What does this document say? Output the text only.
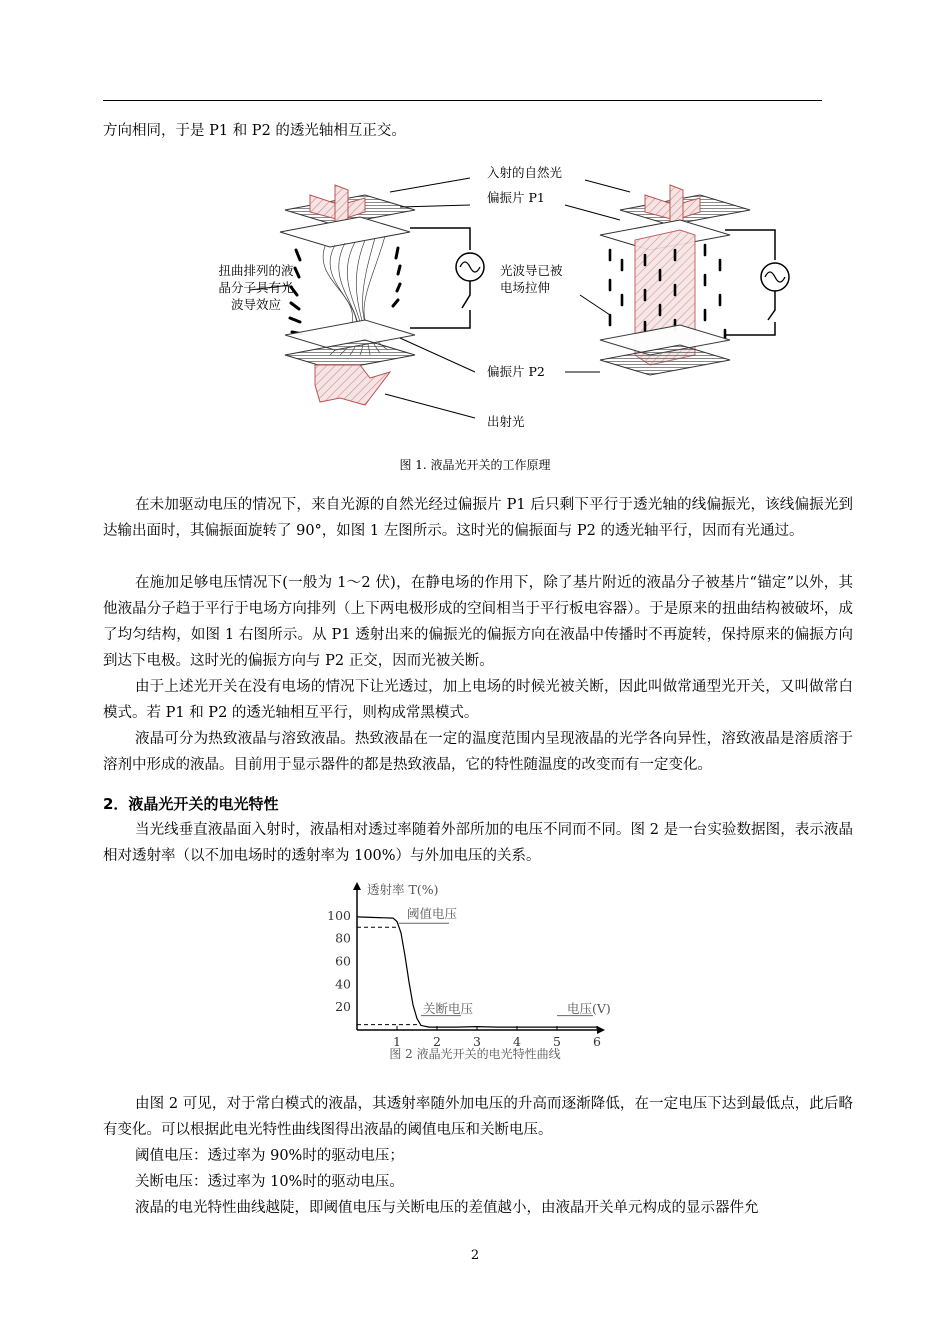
方向相同，于是 P1 和 P2 的透光轴相互正交。

入射的自然光
偏振片 P1
扭曲排列的液
晶分子具有光
波导效应
光波导已被
电场拉伸
偏振片 P2
出射光
图 1. 液晶光开关的工作原理

在未加驱动电压的情况下，来自光源的自然光经过偏振片 P1 后只剩下平行于透光轴的线偏振光，该线偏振光到达输出面时，其偏振面旋转了 90°，如图 1 左图所示。这时光的偏振面与 P2 的透光轴平行，因而有光通过。

在施加足够电压情况下(一般为 1～2 伏)，在静电场的作用下，除了基片附近的液晶分子被基片“锚定”以外，其他液晶分子趋于平行于电场方向排列（上下两电极形成的空间相当于平行板电容器）。于是原来的扭曲结构被破坏，成了均匀结构，如图 1 右图所示。从 P1 透射出来的偏振光的偏振方向在液晶中传播时不再旋转，保持原来的偏振方向到达下电极。这时光的偏振方向与 P2 正交，因而光被关断。

由于上述光开关在没有电场的情况下让光透过，加上电场的时候光被关断，因此叫做常通型光开关，又叫做常白模式。若 P1 和 P2 的透光轴相互平行，则构成常黑模式。

液晶可分为热致液晶与溶致液晶。热致液晶在一定的温度范围内呈现液晶的光学各向异性，溶致液晶是溶质溶于溶剂中形成的液晶。目前用于显示器件的都是热致液晶，它的特性随温度的改变而有一定变化。

2．液晶光开关的电光特性

当光线垂直液晶面入射时，液晶相对透过率随着外部所加的电压不同而不同。图 2 是一台实验数据图，表示液晶相对透射率（以不加电场时的透射率为 100%）与外加电压的关系。

透射率 T(%)
电压(V)
阈值电压
关断电压
1	2	3	4	5	6
100
80
60
40
20
图 2 液晶光开关的电光特性曲线

由图 2 可见，对于常白模式的液晶，其透射率随外加电压的升高而逐渐降低，在一定电压下达到最低点，此后略有变化。可以根据此电光特性曲线图得出液晶的阈值电压和关断电压。

阈值电压：透过率为 90%时的驱动电压；

关断电压：透过率为 10%时的驱动电压。

液晶的电光特性曲线越陡，即阈值电压与关断电压的差值越小，由液晶开关单元构成的显示器件允

2
